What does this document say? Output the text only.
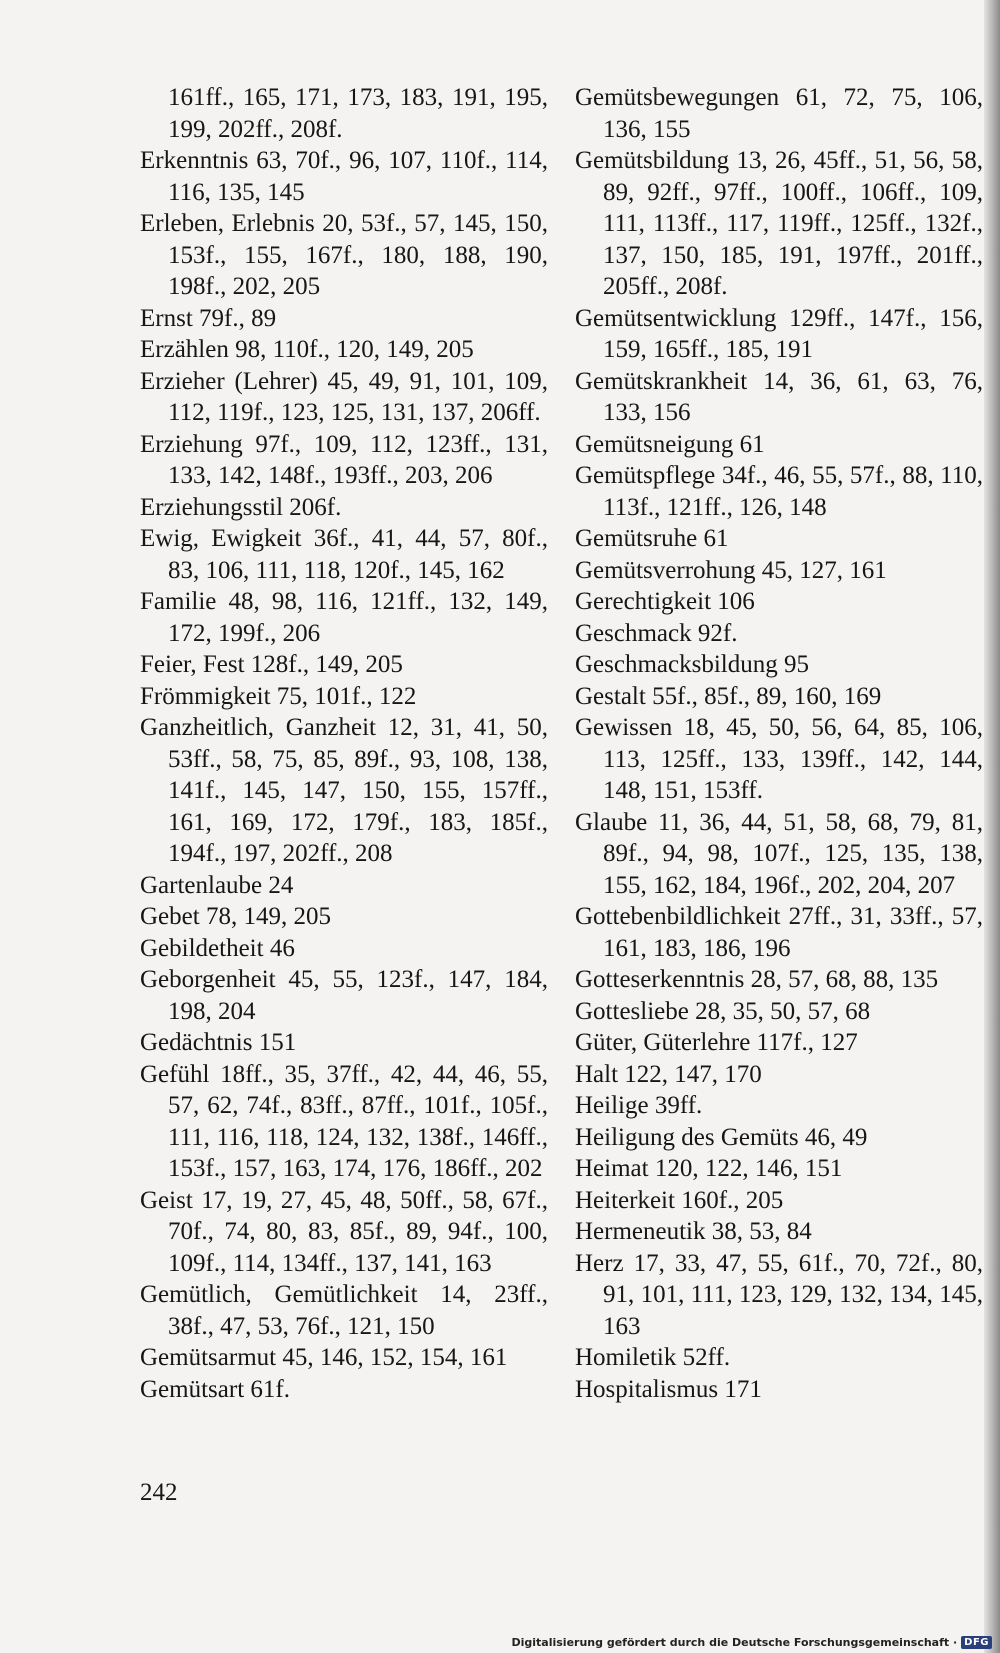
161ff., 165, 171, 173, 183, 191, 195, 199, 202ff., 208f.

Erkenntnis 63, 70f., 96, 107, 110f., 114, 116, 135, 145

Erleben, Erlebnis 20, 53f., 57, 145, 150, 153f., 155, 167f., 180, 188, 190, 198f., 202, 205

Ernst 79f., 89

Erzählen 98, 110f., 120, 149, 205

Erzieher (Lehrer) 45, 49, 91, 101, 109, 112, 119f., 123, 125, 131, 137, 206ff.

Erziehung 97f., 109, 112, 123ff., 131, 133, 142, 148f., 193ff., 203, 206

Erziehungsstil 206f.

Ewig, Ewigkeit 36f., 41, 44, 57, 80f., 83, 106, 111, 118, 120f., 145, 162

Familie 48, 98, 116, 121ff., 132, 149, 172, 199f., 206

Feier, Fest 128f., 149, 205

Frömmigkeit 75, 101f., 122

Ganzheitlich, Ganzheit 12, 31, 41, 50, 53ff., 58, 75, 85, 89f., 93, 108, 138, 141f., 145, 147, 150, 155, 157ff., 161, 169, 172, 179f., 183, 185f., 194f., 197, 202ff., 208

Gartenlaube 24

Gebet 78, 149, 205

Gebildetheit 46

Geborgenheit 45, 55, 123f., 147, 184, 198, 204

Gedächtnis 151

Gefühl 18ff., 35, 37ff., 42, 44, 46, 55, 57, 62, 74f., 83ff., 87ff., 101f., 105f., 111, 116, 118, 124, 132, 138f., 146ff., 153f., 157, 163, 174, 176, 186ff., 202

Geist 17, 19, 27, 45, 48, 50ff., 58, 67f., 70f., 74, 80, 83, 85f., 89, 94f., 100, 109f., 114, 134ff., 137, 141, 163

Gemütlich, Gemütlichkeit 14, 23ff., 38f., 47, 53, 76f., 121, 150

Gemütsarmut 45, 146, 152, 154, 161

Gemütsart 61f.

Gemütsbewegungen 61, 72, 75, 106, 136, 155

Gemütsbildung 13, 26, 45ff., 51, 56, 58, 89, 92ff., 97ff., 100ff., 106ff., 109, 111, 113ff., 117, 119ff., 125ff., 132f., 137, 150, 185, 191, 197ff., 201ff., 205ff., 208f.

Gemütsentwicklung 129ff., 147f., 156, 159, 165ff., 185, 191

Gemütskrankheit 14, 36, 61, 63, 76, 133, 156

Gemütsneigung 61

Gemütspflege 34f., 46, 55, 57f., 88, 110, 113f., 121ff., 126, 148

Gemütsruhe 61

Gemütsverrohung 45, 127, 161

Gerechtigkeit 106

Geschmack 92f.

Geschmacksbildung 95

Gestalt 55f., 85f., 89, 160, 169

Gewissen 18, 45, 50, 56, 64, 85, 106, 113, 125ff., 133, 139ff., 142, 144, 148, 151, 153ff.

Glaube 11, 36, 44, 51, 58, 68, 79, 81, 89f., 94, 98, 107f., 125, 135, 138, 155, 162, 184, 196f., 202, 204, 207

Gottebenbildlichkeit 27ff., 31, 33ff., 57, 161, 183, 186, 196

Gotteserkenntnis 28, 57, 68, 88, 135

Gottesliebe 28, 35, 50, 57, 68

Güter, Güterlehre 117f., 127

Halt 122, 147, 170

Heilige 39ff.

Heiligung des Gemüts 46, 49

Heimat 120, 122, 146, 151

Heiterkeit 160f., 205

Hermeneutik 38, 53, 84

Herz 17, 33, 47, 55, 61f., 70, 72f., 80, 91, 101, 111, 123, 129, 132, 134, 145, 163

Homiletik 52ff.

Hospitalismus 171

242
Digitalisierung gefördert durch die Deutsche Forschungsgemeinschaft · DFG
